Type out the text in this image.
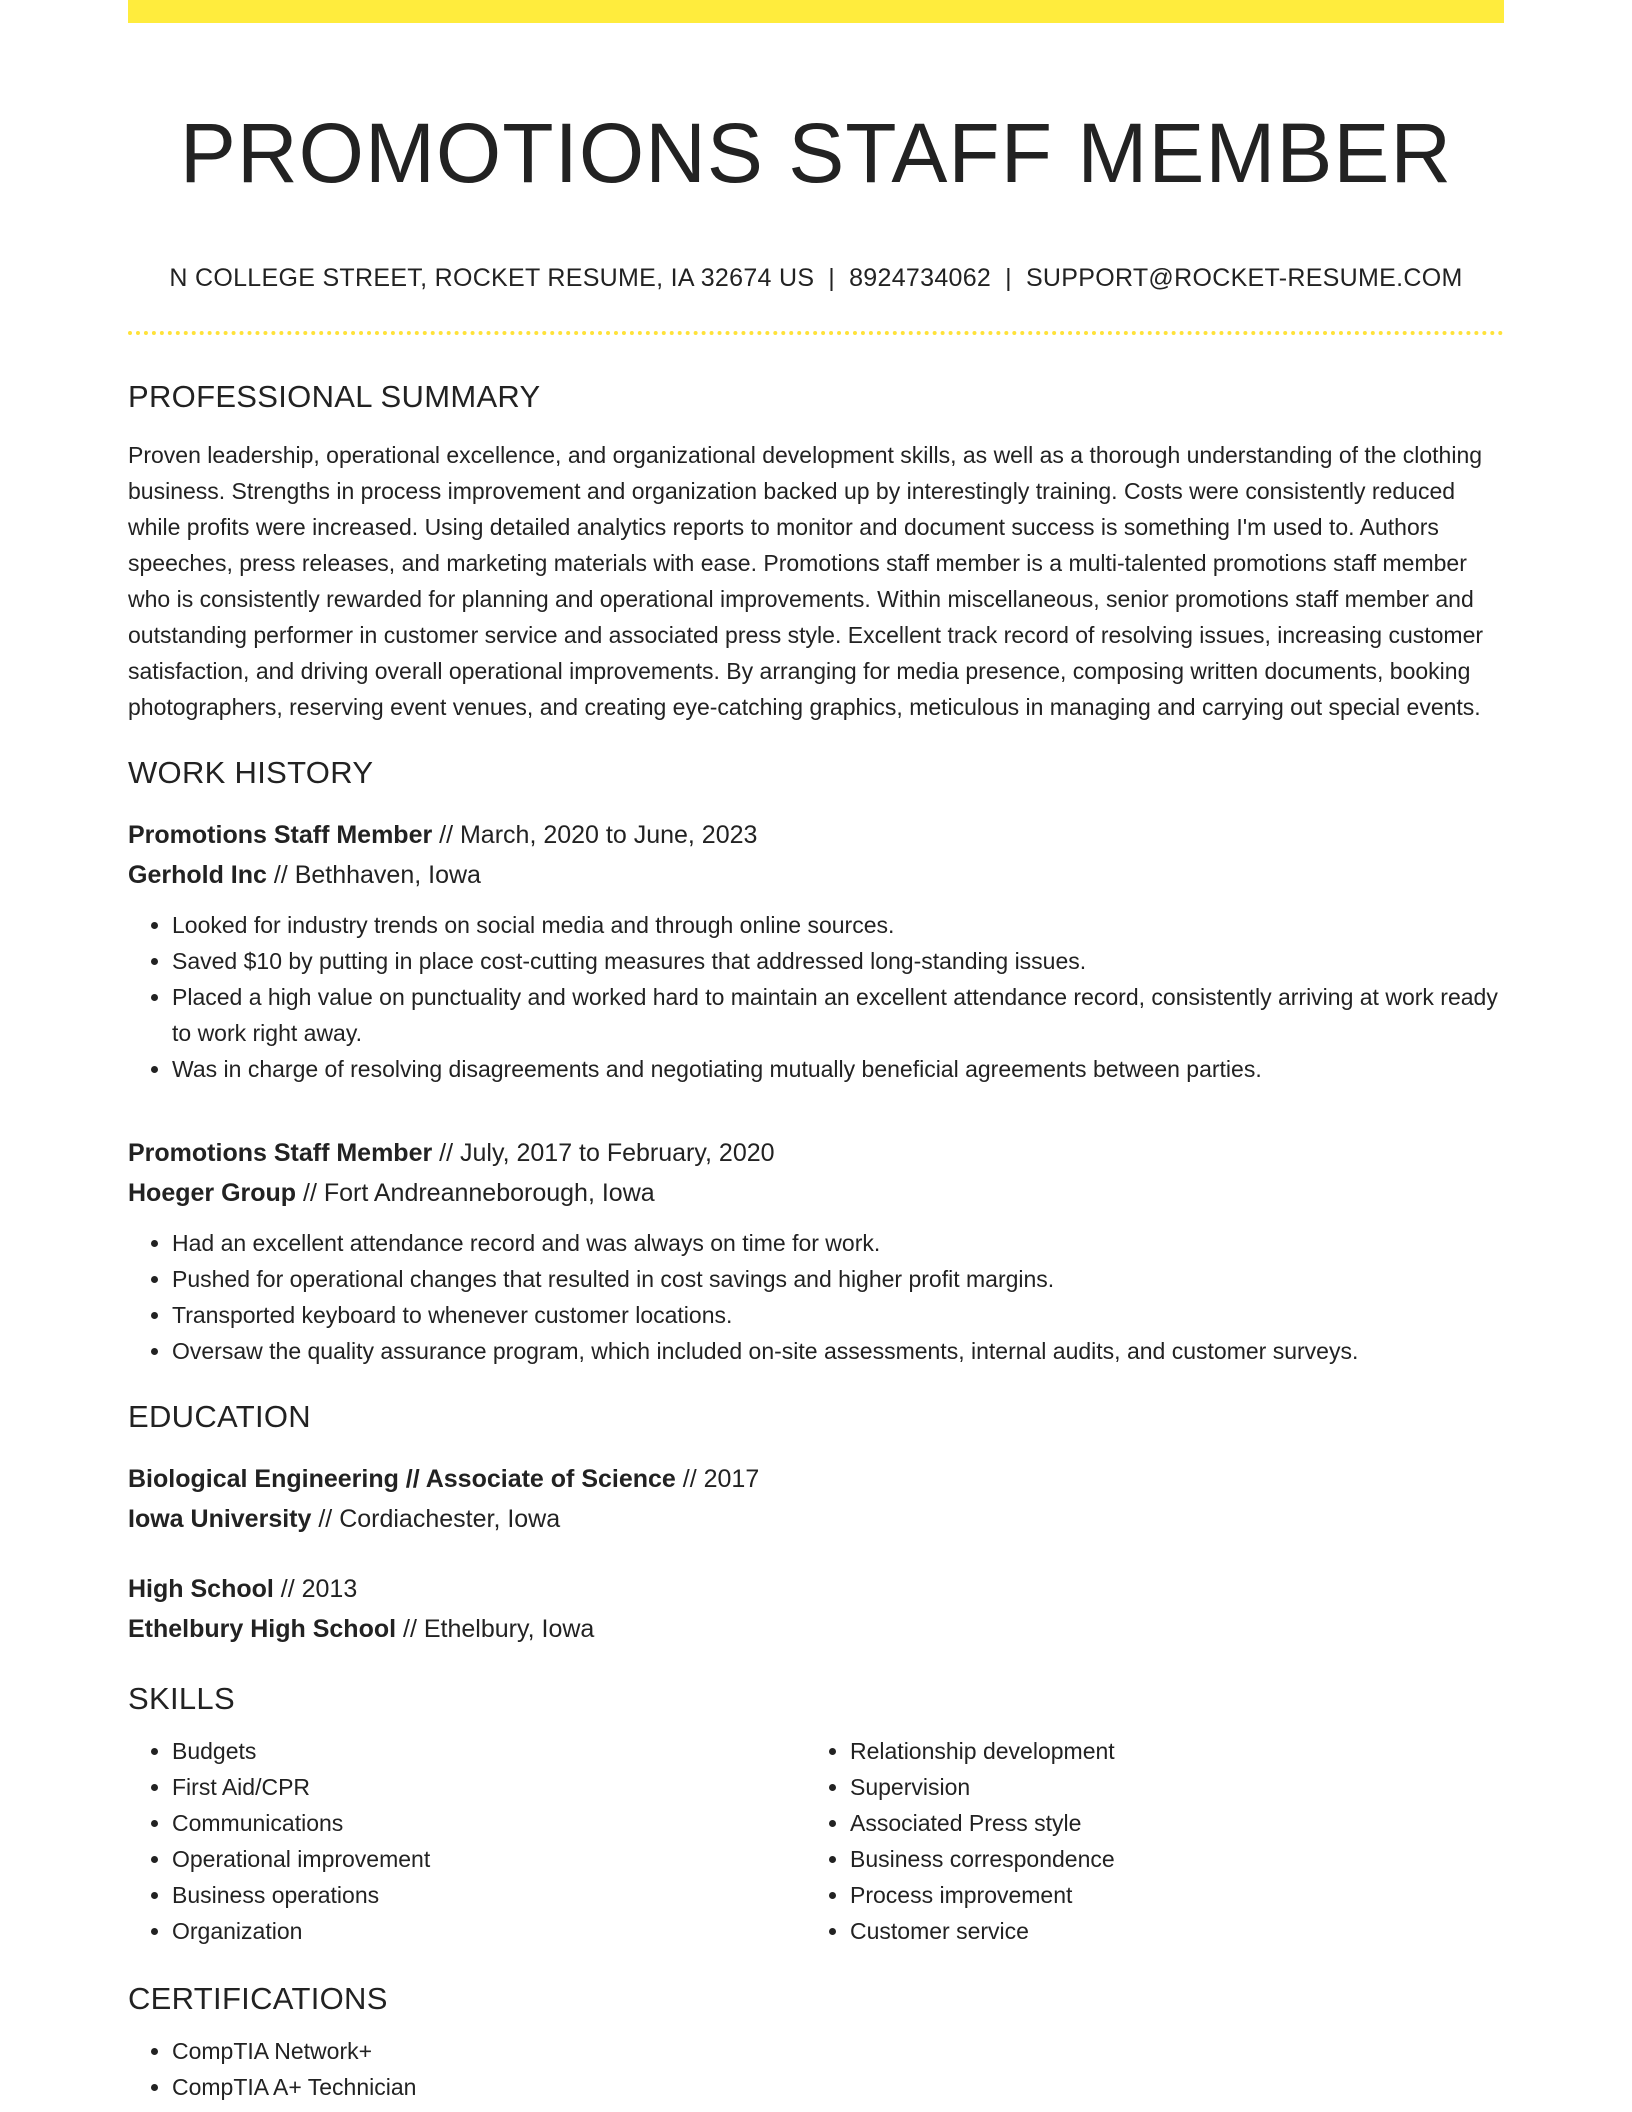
PROMOTIONS STAFF MEMBER
N COLLEGE STREET, ROCKET RESUME, IA 32674 US | 8924734062 | SUPPORT@ROCKET-RESUME.COM
PROFESSIONAL SUMMARY

Proven leadership, operational excellence, and organizational development skills, as well as a thorough understanding of the clothing business. Strengths in process improvement and organization backed up by interestingly training. Costs were consistently reduced while profits were increased. Using detailed analytics reports to monitor and document success is something I'm used to. Authors speeches, press releases, and marketing materials with ease. Promotions staff member is a multi-talented promotions staff member who is consistently rewarded for planning and operational improvements. Within miscellaneous, senior promotions staff member and outstanding performer in customer service and associated press style. Excellent track record of resolving issues, increasing customer satisfaction, and driving overall operational improvements. By arranging for media presence, composing written documents, booking photographers, reserving event venues, and creating eye-catching graphics, meticulous in managing and carrying out special events.

WORK HISTORY
Promotions Staff Member // March, 2020 to June, 2023
Gerhold Inc // Bethhaven, Iowa
• Looked for industry trends on social media and through online sources.
• Saved $10 by putting in place cost-cutting measures that addressed long-standing issues.
• Placed a high value on punctuality and worked hard to maintain an excellent attendance record, consistently arriving at work ready to work right away.
• Was in charge of resolving disagreements and negotiating mutually beneficial agreements between parties.
Promotions Staff Member // July, 2017 to February, 2020
Hoeger Group // Fort Andreanneborough, Iowa
• Had an excellent attendance record and was always on time for work.
• Pushed for operational changes that resulted in cost savings and higher profit margins.
• Transported keyboard to whenever customer locations.
• Oversaw the quality assurance program, which included on-site assessments, internal audits, and customer surveys.
EDUCATION
Biological Engineering // Associate of Science // 2017
Iowa University // Cordiachester, Iowa
High School // 2013
Ethelbury High School // Ethelbury, Iowa
SKILLS
• Budgets
• First Aid/CPR
• Communications
• Operational improvement
• Business operations
• Organization
• Relationship development
• Supervision
• Associated Press style
• Business correspondence
• Process improvement
• Customer service
CERTIFICATIONS
• CompTIA Network+
• CompTIA A+ Technician
